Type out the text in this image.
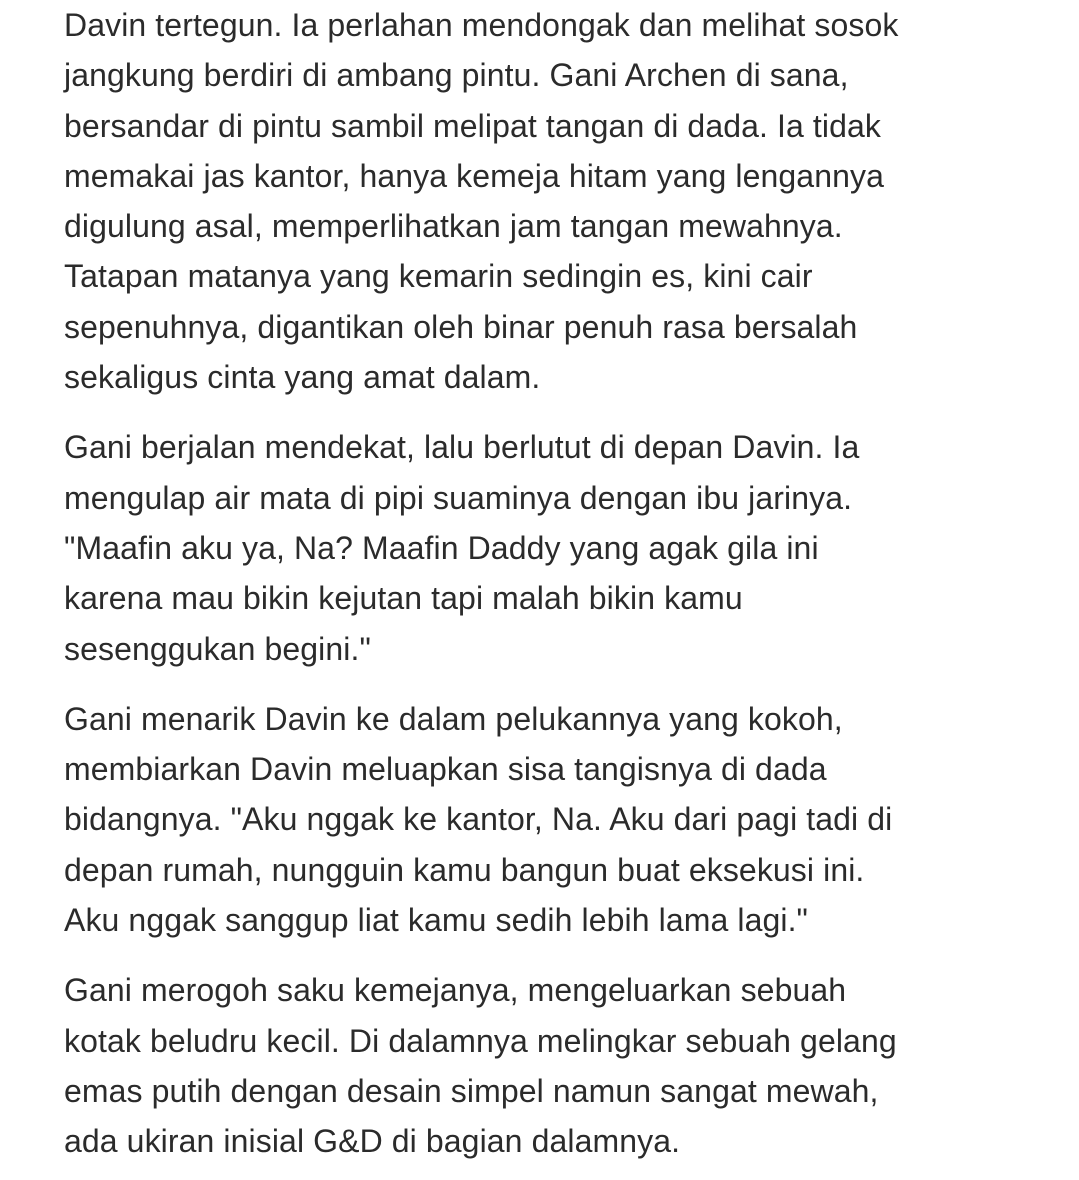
Davin tertegun. Ia perlahan mendongak dan melihat sosok
jangkung berdiri di ambang pintu. Gani Archen di sana,
bersandar di pintu sambil melipat tangan di dada. Ia tidak
memakai jas kantor, hanya kemeja hitam yang lengannya
digulung asal, memperlihatkan jam tangan mewahnya.
Tatapan matanya yang kemarin sedingin es, kini cair
sepenuhnya, digantikan oleh binar penuh rasa bersalah
sekaligus cinta yang amat dalam.

Gani berjalan mendekat, lalu berlutut di depan Davin. Ia
mengulap air mata di pipi suaminya dengan ibu jarinya.
"Maafin aku ya, Na? Maafin Daddy yang agak gila ini
karena mau bikin kejutan tapi malah bikin kamu
sesenggukan begini."

Gani menarik Davin ke dalam pelukannya yang kokoh,
membiarkan Davin meluapkan sisa tangisnya di dada
bidangnya. "Aku nggak ke kantor, Na. Aku dari pagi tadi di
depan rumah, nungguin kamu bangun buat eksekusi ini.
Aku nggak sanggup liat kamu sedih lebih lama lagi."

Gani merogoh saku kemejanya, mengeluarkan sebuah
kotak beludru kecil. Di dalamnya melingkar sebuah gelang
emas putih dengan desain simpel namun sangat mewah,
ada ukiran inisial G&D di bagian dalamnya.
